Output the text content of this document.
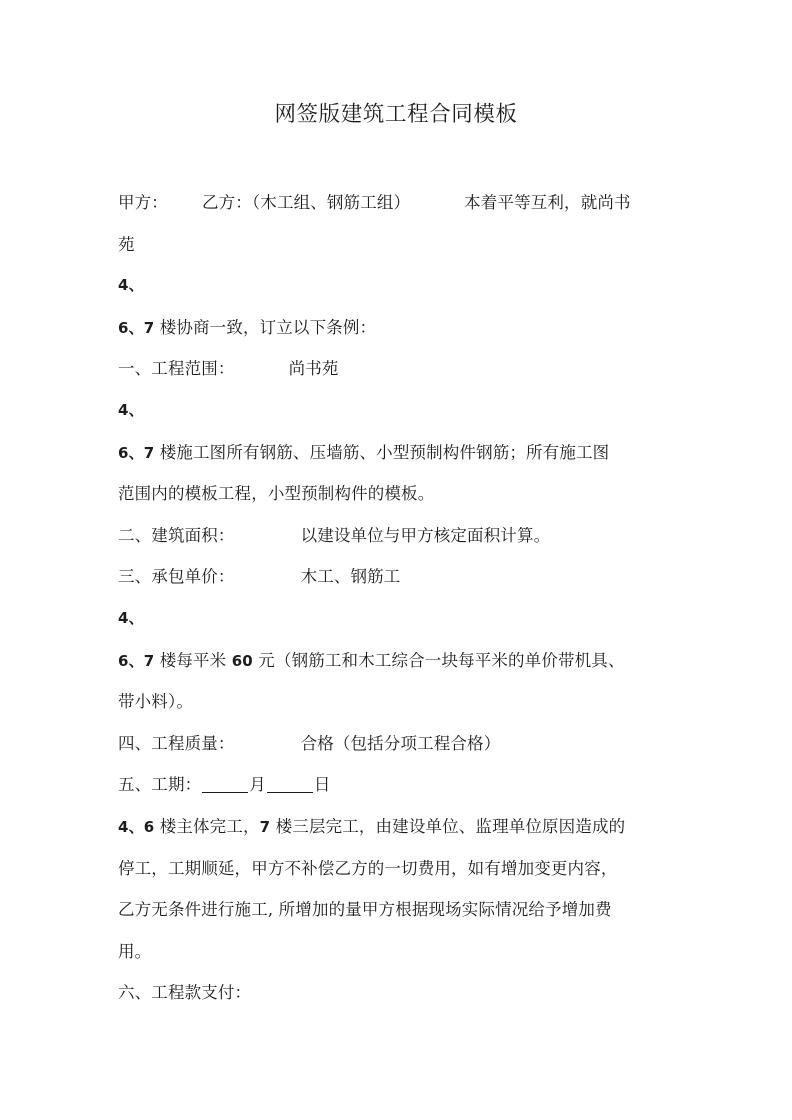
网签版建筑工程合同模板
甲方： 乙方：（木工组、钢筋工组）	本着平等互利，就尚书
苑
4、
6、7 楼协商一致，订立以下条例：
一、工程范围：	尚书苑
4、
6、7 楼施工图所有钢筋、压墙筋、小型预制构件钢筋；所有施工图
范围内的模板工程，小型预制构件的模板。
二、建筑面积：	以建设单位与甲方核定面积计算。
三、承包单价：	木工、钢筋工
4、
6、7 楼每平米 60 元（钢筋工和木工综合一块每平米的单价带机具、
带小料）。
四、工程质量：	合格（包括分项工程合格）
五、工期：	月	日
4、6 楼主体完工，7 楼三层完工，由建设单位、监理单位原因造成的
停工，工期顺延，甲方不补偿乙方的一切费用，如有增加变更内容，
乙方无条件进行施工, 所增加的量甲方根据现场实际情况给予增加费
用。
六、工程款支付：
